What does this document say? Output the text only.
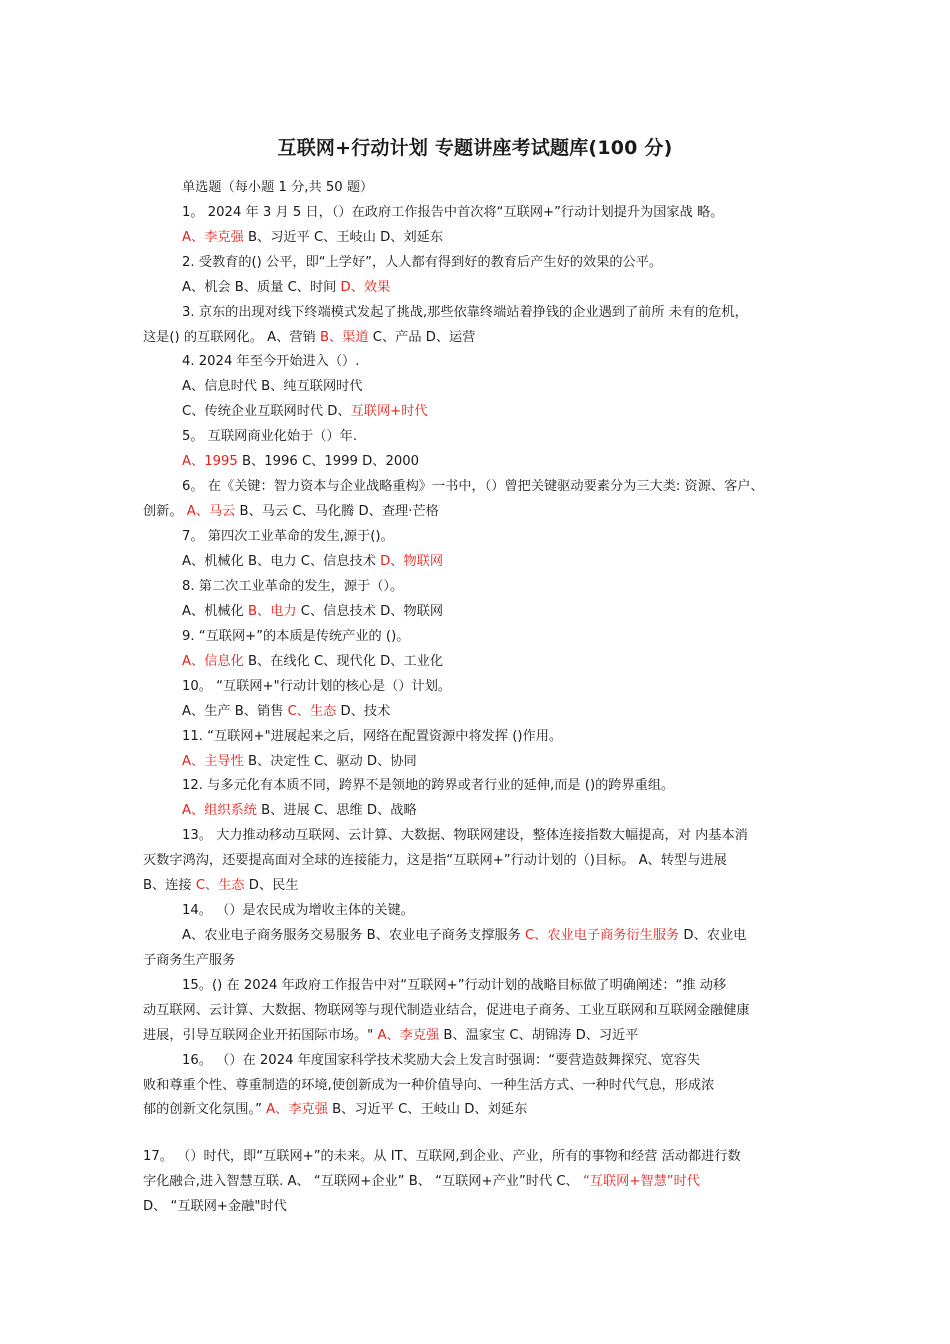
互联网+行动计划 专题讲座考试题库(100 分)
单选题（每小题 1 分,共 50 题）
1。 2024 年 3 月 5 日，（）在政府工作报告中首次将“互联网+”行动计划提升为国家战 略。
A、李克强 B、习近平 C、王岐山 D、刘延东
2. 受教育的() 公平，即“上学好”，人人都有得到好的教育后产生好的效果的公平。
A、机会 B、质量 C、时间 D、效果
3. 京东的出现对线下终端模式发起了挑战,那些依靠终端站着挣钱的企业遇到了前所 未有的危机，
这是() 的互联网化。 A、营销 B、渠道 C、产品 D、运营
4. 2024 年至今开始进入（）.
A、信息时代 B、纯互联网时代
C、传统企业互联网时代 D、互联网+时代
5。 互联网商业化始于（）年.
A、1995 B、1996 C、1999 D、2000
6。 在《关键：智力资本与企业战略重构》一书中，（）曾把关键驱动要素分为三大类: 资源、客户、
创新。 A、马云 B、马云 C、马化腾 D、查理·芒格
7。 第四次工业革命的发生,源于()。
A、机械化 B、电力 C、信息技术 D、物联网
8. 第二次工业革命的发生，源于（）。
A、机械化 B、电力 C、信息技术 D、物联网
9. “互联网+”的本质是传统产业的 ()。
A、信息化 B、在线化 C、现代化 D、工业化
10。 “互联网+"行动计划的核心是（）计划。
A、生产 B、销售 C、生态 D、技术
11. “互联网+"进展起来之后，网络在配置资源中将发挥 ()作用。
A、主导性 B、决定性 C、驱动 D、协同
12. 与多元化有本质不同，跨界不是领地的跨界或者行业的延伸,而是 ()的跨界重组。
A、组织系统 B、进展 C、思维 D、战略
13。 大力推动移动互联网、云计算、大数据、物联网建设，整体连接指数大幅提高，对 内基本消
灭数字鸿沟，还要提高面对全球的连接能力，这是指“互联网+”行动计划的（)目标。 A、转型与进展
B、连接 C、生态 D、民生
14。 （）是农民成为增收主体的关键。
A、农业电子商务服务交易服务 B、农业电子商务支撑服务 C、农业电子商务衍生服务 D、农业电
子商务生产服务
15。() 在 2024 年政府工作报告中对“互联网+”行动计划的战略目标做了明确阐述：“推 动移
动互联网、云计算、大数据、物联网等与现代制造业结合，促进电子商务、工业互联网和互联网金融健康
进展，引导互联网企业开拓国际市场。" A、李克强 B、温家宝 C、胡锦涛 D、习近平
16。 （）在 2024 年度国家科学技术奖励大会上发言时强调：“要营造鼓舞探究、宽容失
败和尊重个性、尊重制造的环境,使创新成为一种价值导向、一种生活方式、一种时代气息，形成浓
郁的创新文化氛围。” A、李克强 B、习近平 C、王岐山 D、刘延东
17。 （）时代，即“互联网+”的未来。从 IT、互联网,到企业、产业，所有的事物和经营 活动都进行数
字化融合,进入智慧互联. A、 “互联网+企业” B、 “互联网+产业”时代 C、 “互联网+智慧”时代
D、 “互联网+金融"时代
